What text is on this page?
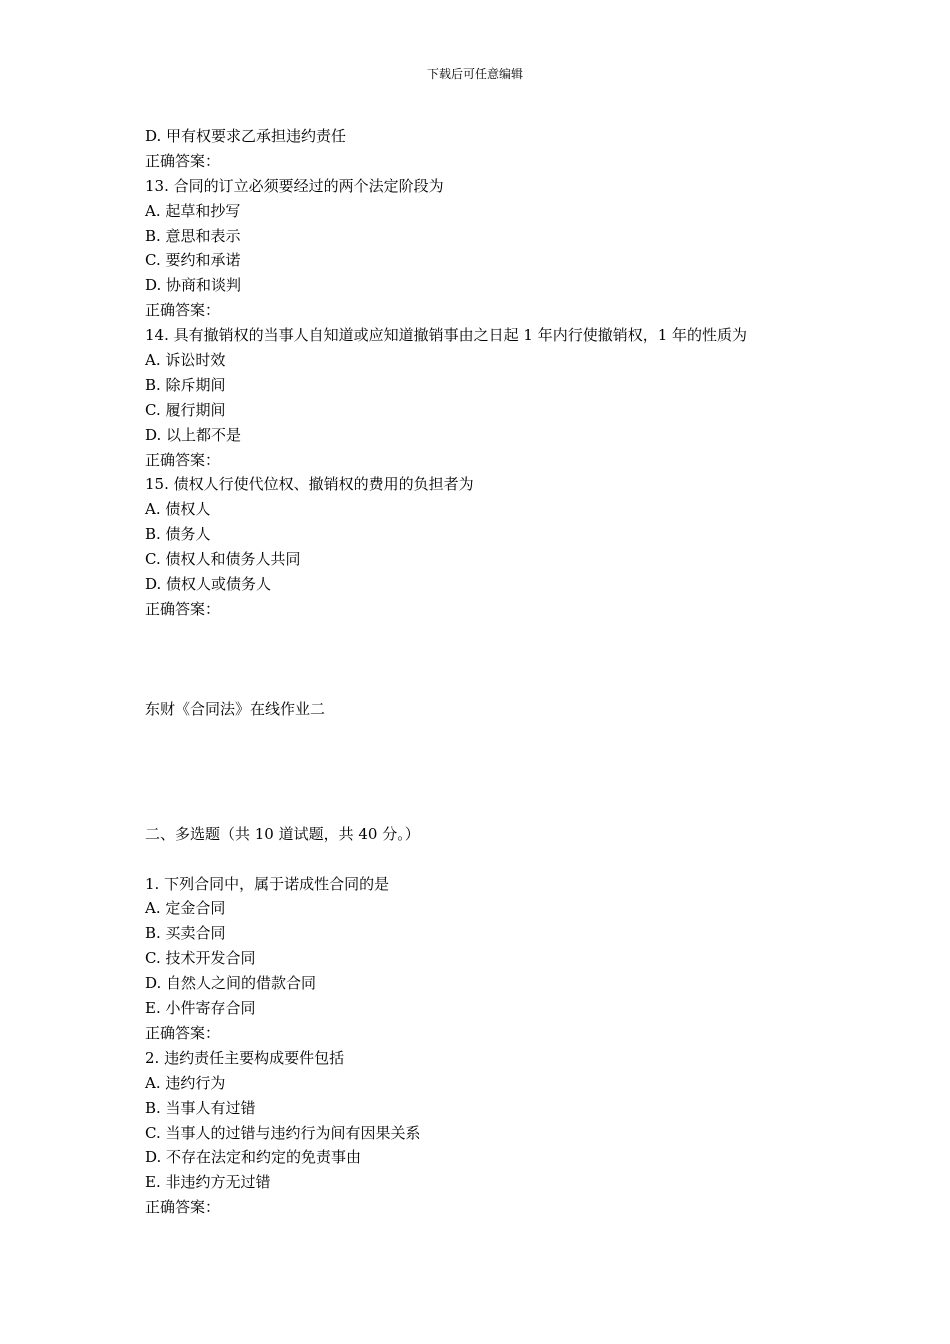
下载后可任意编辑
D. 甲有权要求乙承担违约责任
正确答案：
13. 合同的订立必须要经过的两个法定阶段为
A. 起草和抄写
B. 意思和表示
C. 要约和承诺
D. 协商和谈判
正确答案：
14. 具有撤销权的当事人自知道或应知道撤销事由之日起 1 年内行使撤销权，1 年的性质为
A. 诉讼时效
B. 除斥期间
C. 履行期间
D. 以上都不是
正确答案：
15. 债权人行使代位权、撤销权的费用的负担者为
A. 债权人
B. 债务人
C. 债权人和债务人共同
D. 债权人或债务人
正确答案：
东财《合同法》在线作业二
二、多选题（共 10 道试题，共 40 分。）
1. 下列合同中，属于诺成性合同的是
A. 定金合同
B. 买卖合同
C. 技术开发合同
D. 自然人之间的借款合同
E. 小件寄存合同
正确答案：
2. 违约责任主要构成要件包括
A. 违约行为
B. 当事人有过错
C. 当事人的过错与违约行为间有因果关系
D. 不存在法定和约定的免责事由
E. 非违约方无过错
正确答案：
